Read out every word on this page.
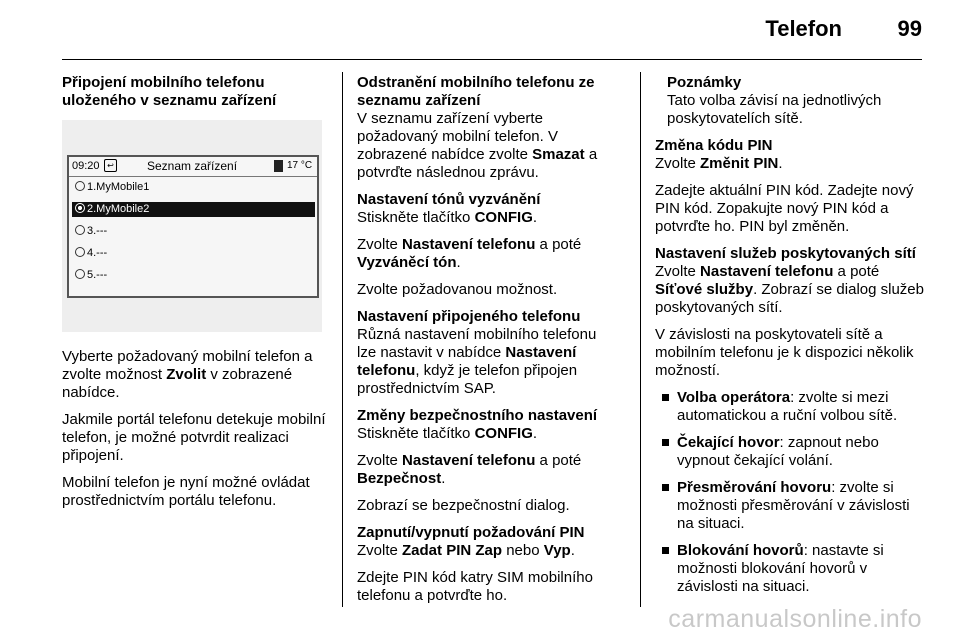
Telefon	99

Připojení mobilního telefonu uloženého v seznamu zařízení

09:20 ↩	Seznam zařízení	17 °C
1.MyMobile1
2.MyMobile2
3.---
4.---
5.---

Vyberte požadovaný mobilní telefon a zvolte možnost Zvolit v zobrazené nabídce.

Jakmile portál telefonu detekuje mobilní telefon, je možné potvrdit realizaci připojení.

Mobilní telefon je nyní možné ovládat prostřednictvím portálu telefonu.

Odstranění mobilního telefonu ze seznamu zařízení

V seznamu zařízení vyberte požadovaný mobilní telefon. V zobrazené nabídce zvolte Smazat a potvrďte následnou zprávu.

Nastavení tónů vyzvánění

Stiskněte tlačítko CONFIG.

Zvolte Nastavení telefonu a poté Vyzváněcí tón.

Zvolte požadovanou možnost.

Nastavení připojeného telefonu

Různá nastavení mobilního telefonu lze nastavit v nabídce Nastavení telefonu, když je telefon připojen prostřednictvím SAP.

Změny bezpečnostního nastavení

Stiskněte tlačítko CONFIG.

Zvolte Nastavení telefonu a poté Bezpečnost.

Zobrazí se bezpečnostní dialog.

Zapnutí/vypnutí požadování PIN

Zvolte Zadat PIN Zap nebo Vyp.

Zdejte PIN kód katry SIM mobilního telefonu a potvrďte ho.

Poznámky

Tato volba závisí na jednotlivých poskytovatelích sítě.

Změna kódu PIN

Zvolte Změnit PIN.

Zadejte aktuální PIN kód. Zadejte nový PIN kód. Zopakujte nový PIN kód a potvrďte ho. PIN byl změněn.

Nastavení služeb poskytovaných sítí

Zvolte Nastavení telefonu a poté Síťové služby. Zobrazí se dialog služeb poskytovaných sítí.

V závislosti na poskytovateli sítě a mobilním telefonu je k dispozici několik možností.

Volba operátora: zvolte si mezi automatickou a ruční volbou sítě.

Čekající hovor: zapnout nebo vypnout čekající volání.

Přesměrování hovoru: zvolte si možnosti přesměrování v závislosti na situaci.

Blokování hovorů: nastavte si možnosti blokování hovorů v závislosti na situaci.

carmanualsonline.info
